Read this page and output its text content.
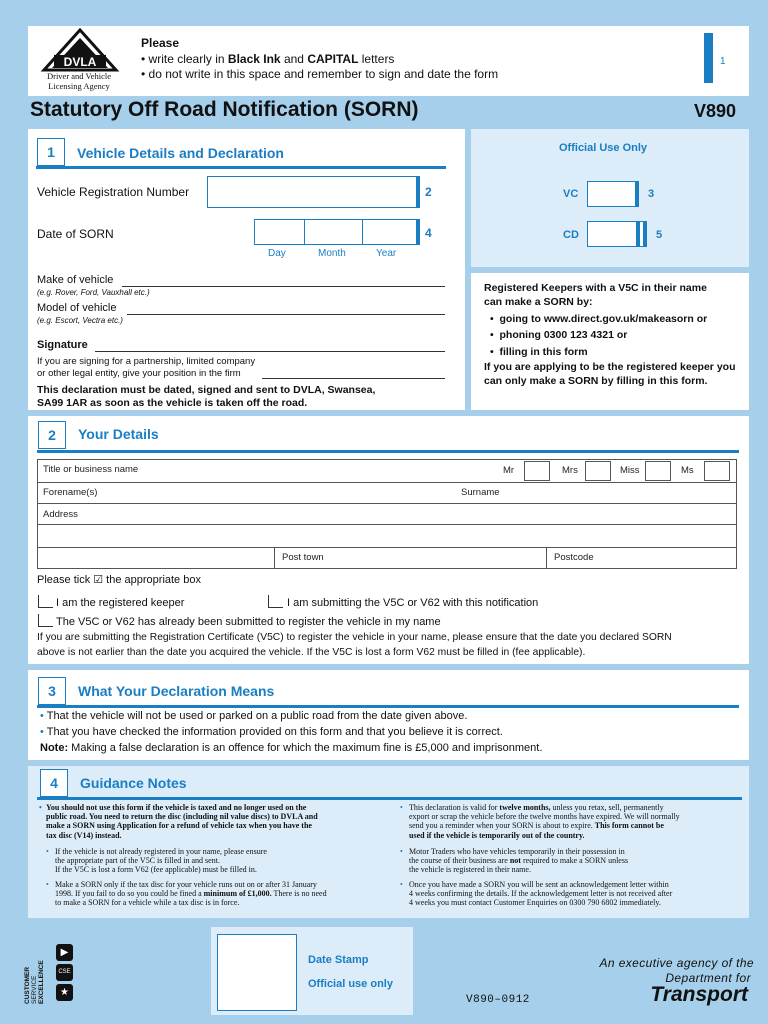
DVLA
Driver and Vehicle Licensing Agency
Please
• write clearly in Black Ink and CAPITAL letters
• do not write in this space and remember to sign and date the form
1
Statutory Off Road Notification (SORN)	V890
1	Vehicle Details and Declaration
Vehicle Registration Number	2
Date of SORN	4
Day	Month	Year
Make of vehicle
(e.g. Rover, Ford, Vauxhall etc.)
Model of vehicle
(e.g. Escort, Vectra etc.)
Signature
If you are signing for a partnership, limited company
or other legal entity, give your position in the firm
This declaration must be dated, signed and sent to DVLA, Swansea,
SA99 1AR as soon as the vehicle is taken off the road.
Official Use Only
VC	3
CD	5
Registered Keepers with a V5C in their name
can make a SORN by:
•  going to www.direct.gov.uk/makeasorn or
•  phoning 0300 123 4321 or
•  filling in this form
If you are applying to be the registered keeper you
can only make a SORN by filling in this form.
2	Your Details
Title or business name	Mr	Mrs	Miss	Ms
Forename(s)	Surname
Address
Post town	Postcode
Please tick ☑ the appropriate box
I am the registered keeper	I am submitting the V5C or V62 with this notification
The V5C or V62 has already been submitted to register the vehicle in my name
If you are submitting the Registration Certificate (V5C) to register the vehicle in your name, please ensure that the date you declared SORN
above is not earlier than the date you acquired the vehicle. If the V5C is lost a form V62 must be filled in (fee applicable).
3	What Your Declaration Means
• That the vehicle will not be used or parked on a public road from the date given above.
• That you have checked the information provided on this form and that you believe it is correct.
Note: Making a false declaration is an offence for which the maximum fine is £5,000 and imprisonment.
4	Guidance Notes
• You should not use this form if the vehicle is taxed and no longer used on the
public road. You need to return the disc (including nil value discs) to DVLA and
make a SORN using Application for a refund of vehicle tax when you have the
tax disc (V14) instead.
• If the vehicle is not already registered in your name, please ensure
the appropriate part of the V5C is filled in and sent.
If the V5C is lost a form V62 (fee applicable) must be filled in.
• Make a SORN only if the tax disc for your vehicle runs out on or after 31 January
1998. If you fail to do so you could be fined a minimum of £1,000. There is no need
to make a SORN for a vehicle while a tax disc is in force.
• This declaration is valid for twelve months, unless you retax, sell, permanently
export or scrap the vehicle before the twelve months have expired. We will normally
send you a reminder when your SORN is about to expire. This form cannot be
used if the vehicle is temporarily out of the country.
• Motor Traders who have vehicles temporarily in their possession in
the course of their business are not required to make a SORN unless
the vehicle is registered in their name.
• Once you have made a SORN you will be sent an acknowledgement letter within
4 weeks confirming the details. If the acknowledgement letter is not received after
4 weeks you must contact Customer Enquiries on 0300 790 6802 immediately.
Date Stamp
Official use only
CUSTOMER SERVICE EXCELLENCE
▶
CSE
★
V890–0912
An executive agency of the
Department for
Transport
